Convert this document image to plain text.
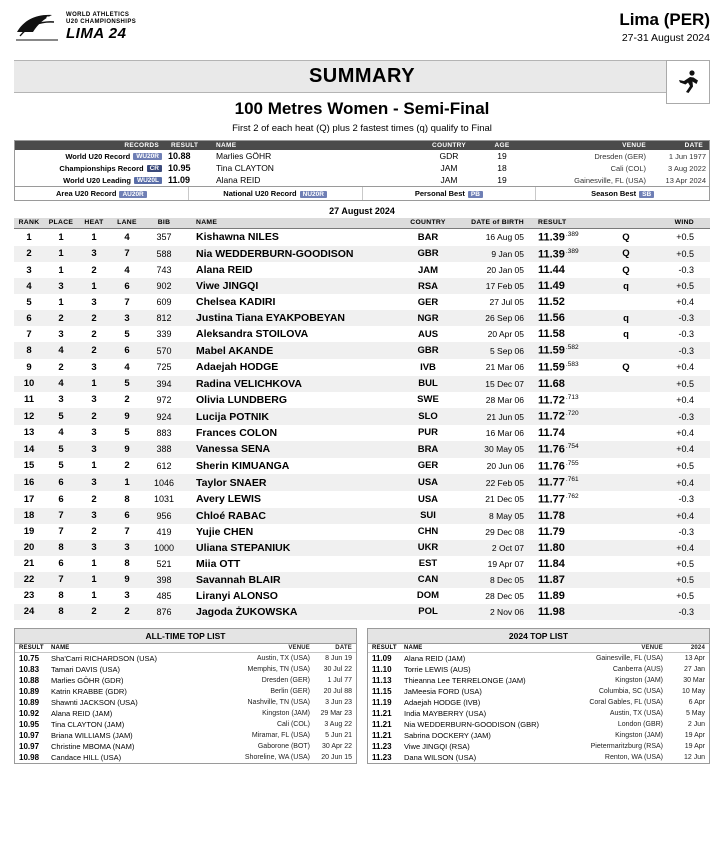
WORLD ATHLETICS
U20 CHAMPIONSHIPS
LIMA 24
Lima (PER)
27-31 August 2024
SUMMARY
100 Metres Women - Semi-Final
First 2 of each heat (Q) plus 2 fastest times (q) qualify to Final
RECORDS	RESULT	NAME	COUNTRY	AGE	VENUE	DATE
World U20 Record WU20R	10.88	Marlies GÖHR	GDR	19	Dresden (GER)	1 Jun 1977
Championships Record CR	10.95	Tina CLAYTON	JAM	18	Cali (COL)	3 Aug 2022
World U20 Leading WU20L	11.09	Alana REID	JAM	19	Gainesville, FL (USA)	13 Apr 2024
Area U20 Record AU20R	National U20 Record NU20R	Personal Best PB	Season Best SB
27 August 2024
RANK	PLACE	HEAT	LANE	BIB	NAME	COUNTRY	DATE of BIRTH	RESULT		WIND
1	1	1	4	357	Kishawna NILES	BAR	16 Aug 05	$11.39^{.389}$	Q	+0.5
2	1	3	7	588	Nia WEDDERBURN-GOODISON	GBR	9 Jan 05	$11.39^{.389}$	Q	+0.5
3	1	2	4	743	Alana REID	JAM	20 Jan 05	11.44	Q	-0.3
4	3	1	6	902	Viwe JINGQI	RSA	17 Feb 05	11.49	q	+0.5
5	1	3	7	609	Chelsea KADIRI	GER	27 Jul 05	11.52		+0.4
6	2	2	3	812	Justina Tiana EYAKPOBEYAN	NGR	26 Sep 06	11.56	q	-0.3
7	3	2	5	339	Aleksandra STOILOVA	AUS	20 Apr 05	11.58	q	-0.3
8	4	2	6	570	Mabel AKANDE	GBR	5 Sep 06	$11.59^{.582}$		-0.3
9	2	3	4	725	Adaejah HODGE	IVB	21 Mar 06	$11.59^{.583}$	Q	+0.4
10	4	1	5	394	Radina VELICHKOVA	BUL	15 Dec 07	11.68		+0.5
11	3	3	2	972	Olivia LUNDBERG	SWE	28 Mar 06	$11.72^{.713}$		+0.4
12	5	2	9	924	Lucija POTNIK	SLO	21 Jun 05	$11.72^{.720}$		-0.3
13	4	3	5	883	Frances COLON	PUR	16 Mar 06	11.74		+0.4
14	5	3	9	388	Vanessa SENA	BRA	30 May 05	$11.76^{.754}$		+0.4
15	5	1	2	612	Sherin KIMUANGA	GER	20 Jun 06	$11.76^{.755}$		+0.5
16	6	3	1	1046	Taylor SNAER	USA	22 Feb 05	$11.77^{.761}$		+0.4
17	6	2	8	1031	Avery LEWIS	USA	21 Dec 05	$11.77^{.762}$		-0.3
18	7	3	6	956	Chloé RABAC	SUI	8 May 05	11.78		+0.4
19	7	2	7	419	Yujie CHEN	CHN	29 Dec 08	11.79		-0.3
20	8	3	3	1000	Uliana STEPANIUK	UKR	2 Oct 07	11.80		+0.4
21	6	1	8	521	Miia OTT	EST	19 Apr 07	11.84		+0.5
22	7	1	9	398	Savannah BLAIR	CAN	8 Dec 05	11.87		+0.5
23	8	1	3	485	Liranyi ALONSO	DOM	28 Dec 05	11.89		+0.5
24	8	2	2	876	Jagoda ŻUKOWSKA	POL	2 Nov 06	11.98		-0.3
ALL-TIME TOP LIST
RESULT	NAME	VENUE	DATE
10.75	Sha'Carri RICHARDSON (USA)	Austin, TX (USA)	8 Jun 19
10.83	Tamari DAVIS (USA)	Memphis, TN (USA)	30 Jul 22
10.88	Marlies GÖHR (GDR)	Dresden (GER)	1 Jul 77
10.89	Katrin KRABBE (GDR)	Berlin (GER)	20 Jul 88
10.89	Shawnti JACKSON (USA)	Nashville, TN (USA)	3 Jun 23
10.92	Alana REID (JAM)	Kingston (JAM)	29 Mar 23
10.95	Tina CLAYTON (JAM)	Cali (COL)	3 Aug 22
10.97	Briana WILLIAMS (JAM)	Miramar, FL (USA)	5 Jun 21
10.97	Christine MBOMA (NAM)	Gaborone (BOT)	30 Apr 22
10.98	Candace HILL (USA)	Shoreline, WA (USA)	20 Jun 15
2024 TOP LIST
RESULT	NAME	VENUE	2024
11.09	Alana REID (JAM)	Gainesville, FL (USA)	13 Apr
11.10	Torrie LEWIS (AUS)	Canberra (AUS)	27 Jan
11.13	Thieanna Lee TERRELONGE (JAM)	Kingston (JAM)	30 Mar
11.15	JaMeesia FORD (USA)	Columbia, SC (USA)	10 May
11.19	Adaejah HODGE (IVB)	Coral Gables, FL (USA)	6 Apr
11.21	India MAYBERRY (USA)	Austin, TX (USA)	5 May
11.21	Nia WEDDERBURN-GOODISON (GBR)	London (GBR)	2 Jun
11.21	Sabrina DOCKERY (JAM)	Kingston (JAM)	19 Apr
11.23	Viwe JINGQI (RSA)	Pietermaritzburg (RSA)	19 Apr
11.23	Dana WILSON (USA)	Renton, WA (USA)	12 Jun
